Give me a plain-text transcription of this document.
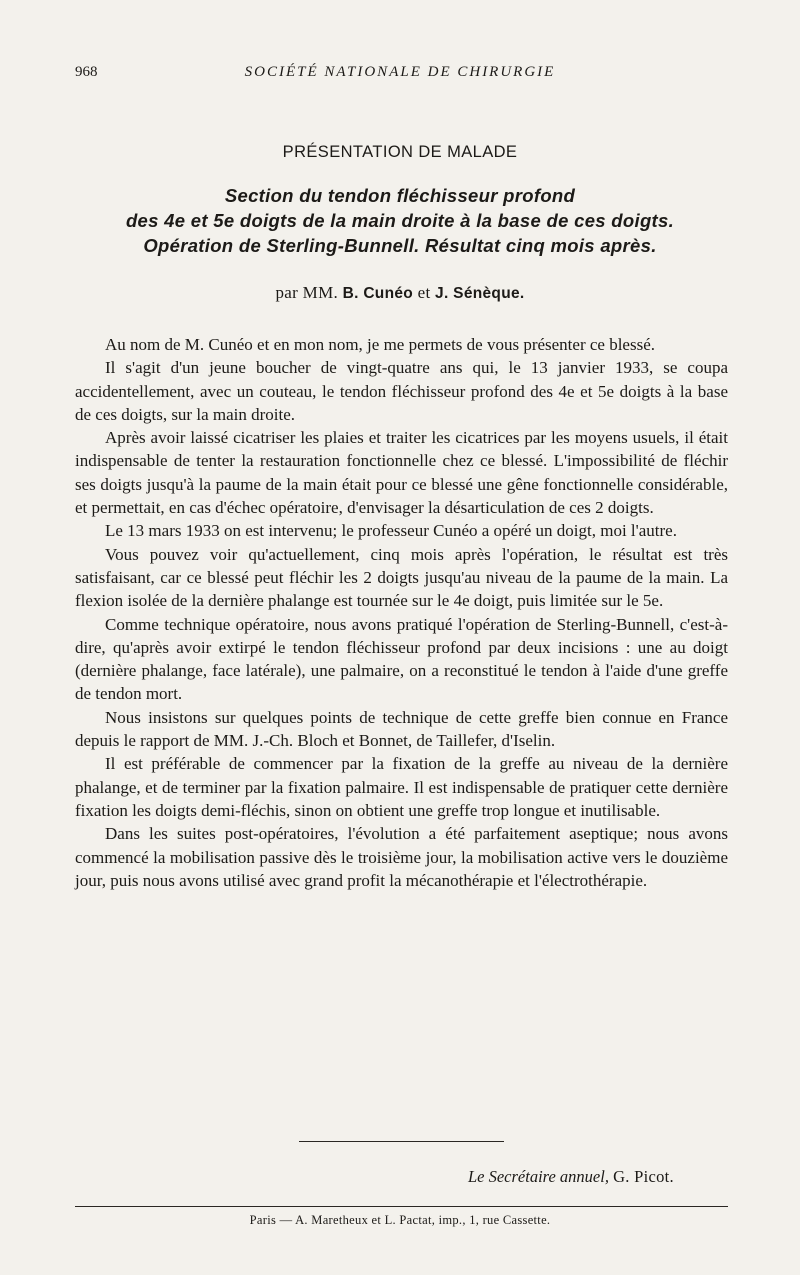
968	SOCIÉTÉ NATIONALE DE CHIRURGIE
PRÉSENTATION DE MALADE
Section du tendon fléchisseur profond
des 4e et 5e doigts de la main droite à la base de ces doigts.
Opération de Sterling-Bunnell. Résultat cinq mois après.
par MM. B. Cunéo et J. Sénèque.

Au nom de M. Cunéo et en mon nom, je me permets de vous présenter ce blessé.

Il s'agit d'un jeune boucher de vingt-quatre ans qui, le 13 janvier 1933, se coupa accidentellement, avec un couteau, le tendon fléchisseur profond des 4e et 5e doigts à la base de ces doigts, sur la main droite.

Après avoir laissé cicatriser les plaies et traiter les cicatrices par les moyens usuels, il était indispensable de tenter la restauration fonctionnelle chez ce blessé. L'impossibilité de fléchir ses doigts jusqu'à la paume de la main était pour ce blessé une gêne fonctionnelle considérable, et permettait, en cas d'échec opératoire, d'envisager la désarticulation de ces 2 doigts.

Le 13 mars 1933 on est intervenu; le professeur Cunéo a opéré un doigt, moi l'autre.

Vous pouvez voir qu'actuellement, cinq mois après l'opération, le résultat est très satisfaisant, car ce blessé peut fléchir les 2 doigts jusqu'au niveau de la paume de la main. La flexion isolée de la dernière phalange est tournée sur le 4e doigt, puis limitée sur le 5e.

Comme technique opératoire, nous avons pratiqué l'opération de Sterling-Bunnell, c'est-à-dire, qu'après avoir extirpé le tendon fléchisseur profond par deux incisions : une au doigt (dernière phalange, face latérale), une palmaire, on a reconstitué le tendon à l'aide d'une greffe de tendon mort.

Nous insistons sur quelques points de technique de cette greffe bien connue en France depuis le rapport de MM. J.-Ch. Bloch et Bonnet, de Taillefer, d'Iselin.

Il est préférable de commencer par la fixation de la greffe au niveau de la dernière phalange, et de terminer par la fixation palmaire. Il est indispensable de pratiquer cette dernière fixation les doigts demi-fléchis, sinon on obtient une greffe trop longue et inutilisable.

Dans les suites post-opératoires, l'évolution a été parfaitement aseptique; nous avons commencé la mobilisation passive dès le troisième jour, la mobilisation active vers le douzième jour, puis nous avons utilisé avec grand profit la mécanothérapie et l'électrothérapie.

Le Secrétaire annuel, G. Picot.
Paris — A. Maretheux et L. Pactat, imp., 1, rue Cassette.
